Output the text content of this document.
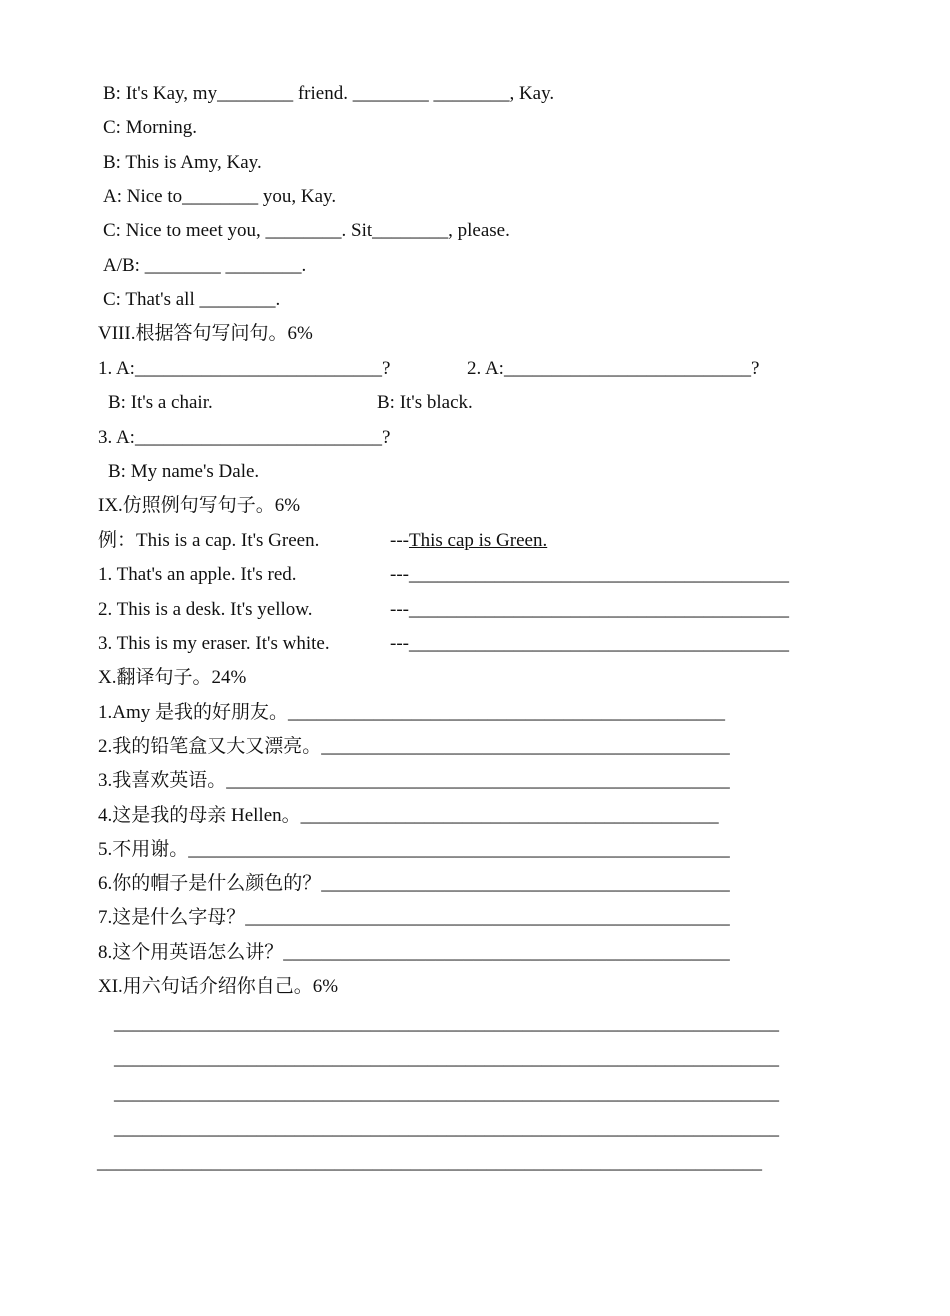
B: It's Kay, my________ friend. ________ ________, Kay.
C: Morning.
B: This is Amy, Kay.
A: Nice to________ you, Kay.
C: Nice to meet you, ________. Sit________, please.
A/B: ________ ________.
C: That's all ________.
VIII.根据答句写问句。6%
1. A:__________________________?	2. A:__________________________?
B: It's a chair.	B: It's black.
3. A:__________________________?
B: My name's Dale.
IX.仿照例句写句子。6%
例：This is a cap. It's Green.	---This cap is Green.
1. That's an apple. It's red.	---________________________________________
2. This is a desk. It's yellow.	---________________________________________
3. This is my eraser. It's white.	---________________________________________
X.翻译句子。24%
1.Amy 是我的好朋友。______________________________________________
2.我的铅笔盒又大又漂亮。___________________________________________
3.我喜欢英语。_____________________________________________________
4.这是我的母亲 Hellen。____________________________________________
5.不用谢。_________________________________________________________
6.你的帽子是什么颜色的？___________________________________________
7.这是什么字母？___________________________________________________
8.这个用英语怎么讲？_______________________________________________
XI.用六句话介绍你自己。6%
______________________________________________________________________
______________________________________________________________________
______________________________________________________________________
______________________________________________________________________
______________________________________________________________________
